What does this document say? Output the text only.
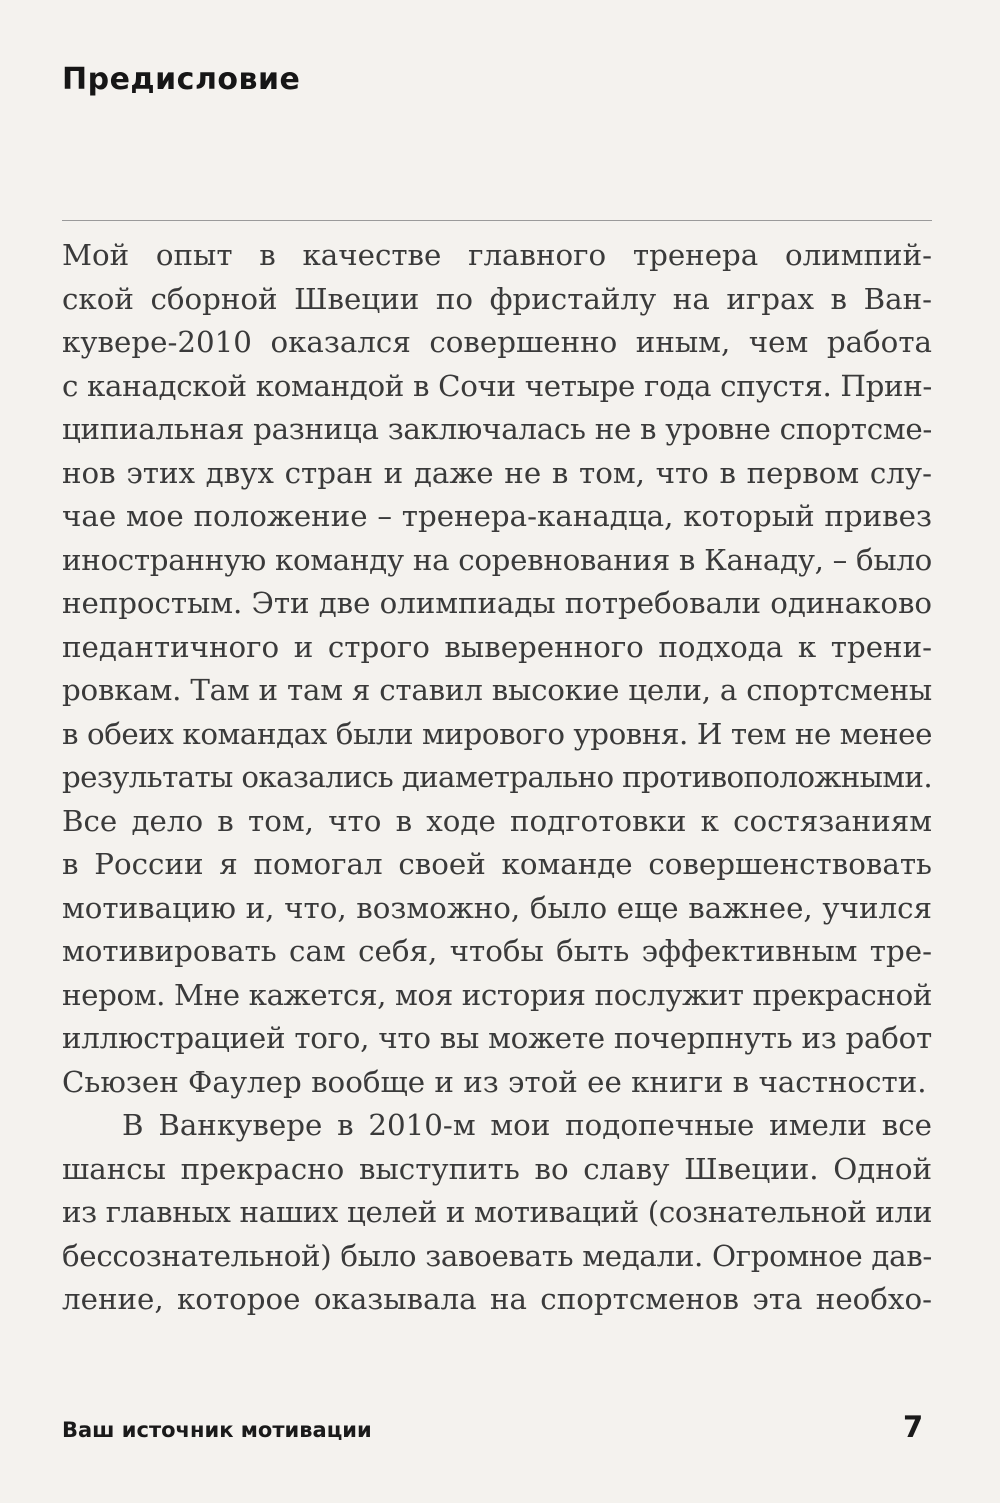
Предисловие
Мой опыт в качестве главного тренера олимпий-
ской сборной Швеции по фристайлу на играх в Ван-
кувере-2010 оказался совершенно иным, чем работа
с канадской командой в Сочи четыре года спустя. Прин-
ципиальная разница заключалась не в уровне спортсме-
нов этих двух стран и даже не в том, что в первом слу-
чае мое положение – тренера-канадца, который привез
иностранную команду на соревнования в Канаду, – было
непростым. Эти две олимпиады потребовали одинаково
педантичного и строго выверенного подхода к трени-
ровкам. Там и там я ставил высокие цели, а спортсмены
в обеих командах были мирового уровня. И тем не менее
результаты оказались диаметрально противоположными.
Все дело в том, что в ходе подготовки к состязаниям
в России я помогал своей команде совершенствовать
мотивацию и, что, возможно, было еще важнее, учился
мотивировать сам себя, чтобы быть эффективным тре-
нером. Мне кажется, моя история послужит прекрасной
иллюстрацией того, что вы можете почерпнуть из работ
Сьюзен Фаулер вообще и из этой ее книги в частности.
В Ванкувере в 2010-м мои подопечные имели все
шансы прекрасно выступить во славу Швеции. Одной
из главных наших целей и мотиваций (сознательной или
бессознательной) было завоевать медали. Огромное дав-
ление, которое оказывала на спортсменов эта необхо-
Ваш источник мотивации	7
